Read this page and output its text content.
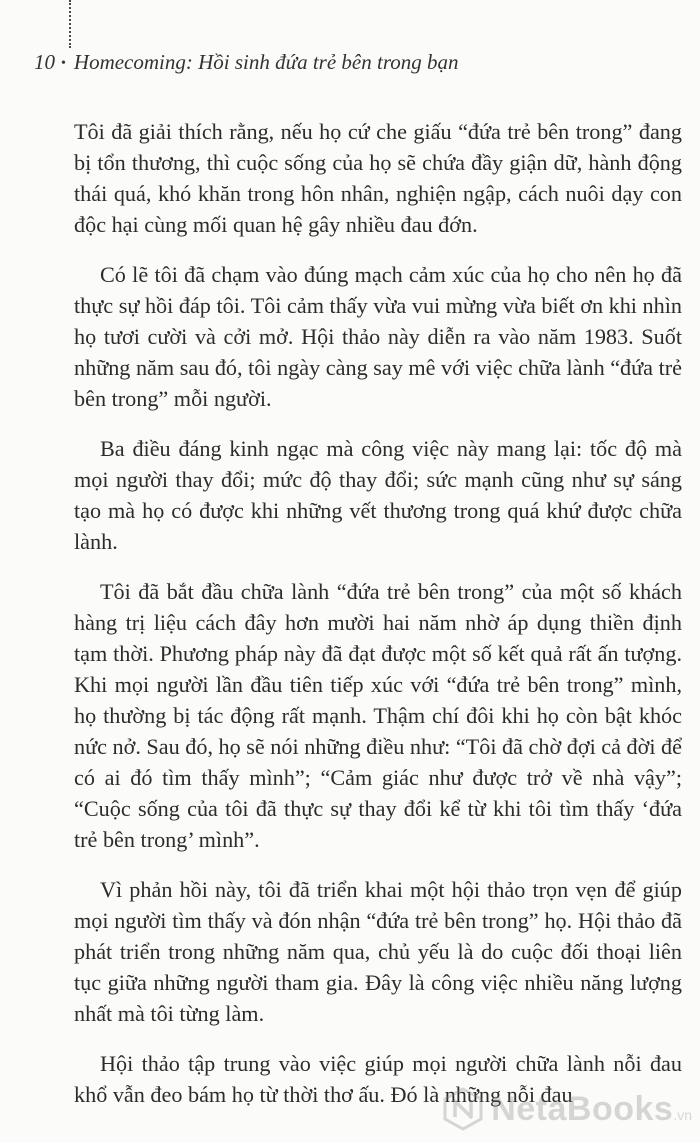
10 • Homecoming: Hồi sinh đứa trẻ bên trong bạn

Tôi đã giải thích rằng, nếu họ cứ che giấu “đứa trẻ bên trong” đang bị tổn thương, thì cuộc sống của họ sẽ chứa đầy giận dữ, hành động thái quá, khó khăn trong hôn nhân, nghiện ngập, cách nuôi dạy con độc hại cùng mối quan hệ gây nhiều đau đớn.

Có lẽ tôi đã chạm vào đúng mạch cảm xúc của họ cho nên họ đã thực sự hồi đáp tôi. Tôi cảm thấy vừa vui mừng vừa biết ơn khi nhìn họ tươi cười và cởi mở. Hội thảo này diễn ra vào năm 1983. Suốt những năm sau đó, tôi ngày càng say mê với việc chữa lành “đứa trẻ bên trong” mỗi người.

Ba điều đáng kinh ngạc mà công việc này mang lại: tốc độ mà mọi người thay đổi; mức độ thay đổi; sức mạnh cũng như sự sáng tạo mà họ có được khi những vết thương trong quá khứ được chữa lành.

Tôi đã bắt đầu chữa lành “đứa trẻ bên trong” của một số khách hàng trị liệu cách đây hơn mười hai năm nhờ áp dụng thiền định tạm thời. Phương pháp này đã đạt được một số kết quả rất ấn tượng. Khi mọi người lần đầu tiên tiếp xúc với “đứa trẻ bên trong” mình, họ thường bị tác động rất mạnh. Thậm chí đôi khi họ còn bật khóc nức nở. Sau đó, họ sẽ nói những điều như: “Tôi đã chờ đợi cả đời để có ai đó tìm thấy mình”; “Cảm giác như được trở về nhà vậy”; “Cuộc sống của tôi đã thực sự thay đổi kể từ khi tôi tìm thấy ‘đứa trẻ bên trong’ mình”.

Vì phản hồi này, tôi đã triển khai một hội thảo trọn vẹn để giúp mọi người tìm thấy và đón nhận “đứa trẻ bên trong” họ. Hội thảo đã phát triển trong những năm qua, chủ yếu là do cuộc đối thoại liên tục giữa những người tham gia. Đây là công việc nhiều năng lượng nhất mà tôi từng làm.

Hội thảo tập trung vào việc giúp mọi người chữa lành nỗi đau khổ vẫn đeo bám họ từ thời thơ ấu. Đó là những nỗi đau

NetaBooks .vn
